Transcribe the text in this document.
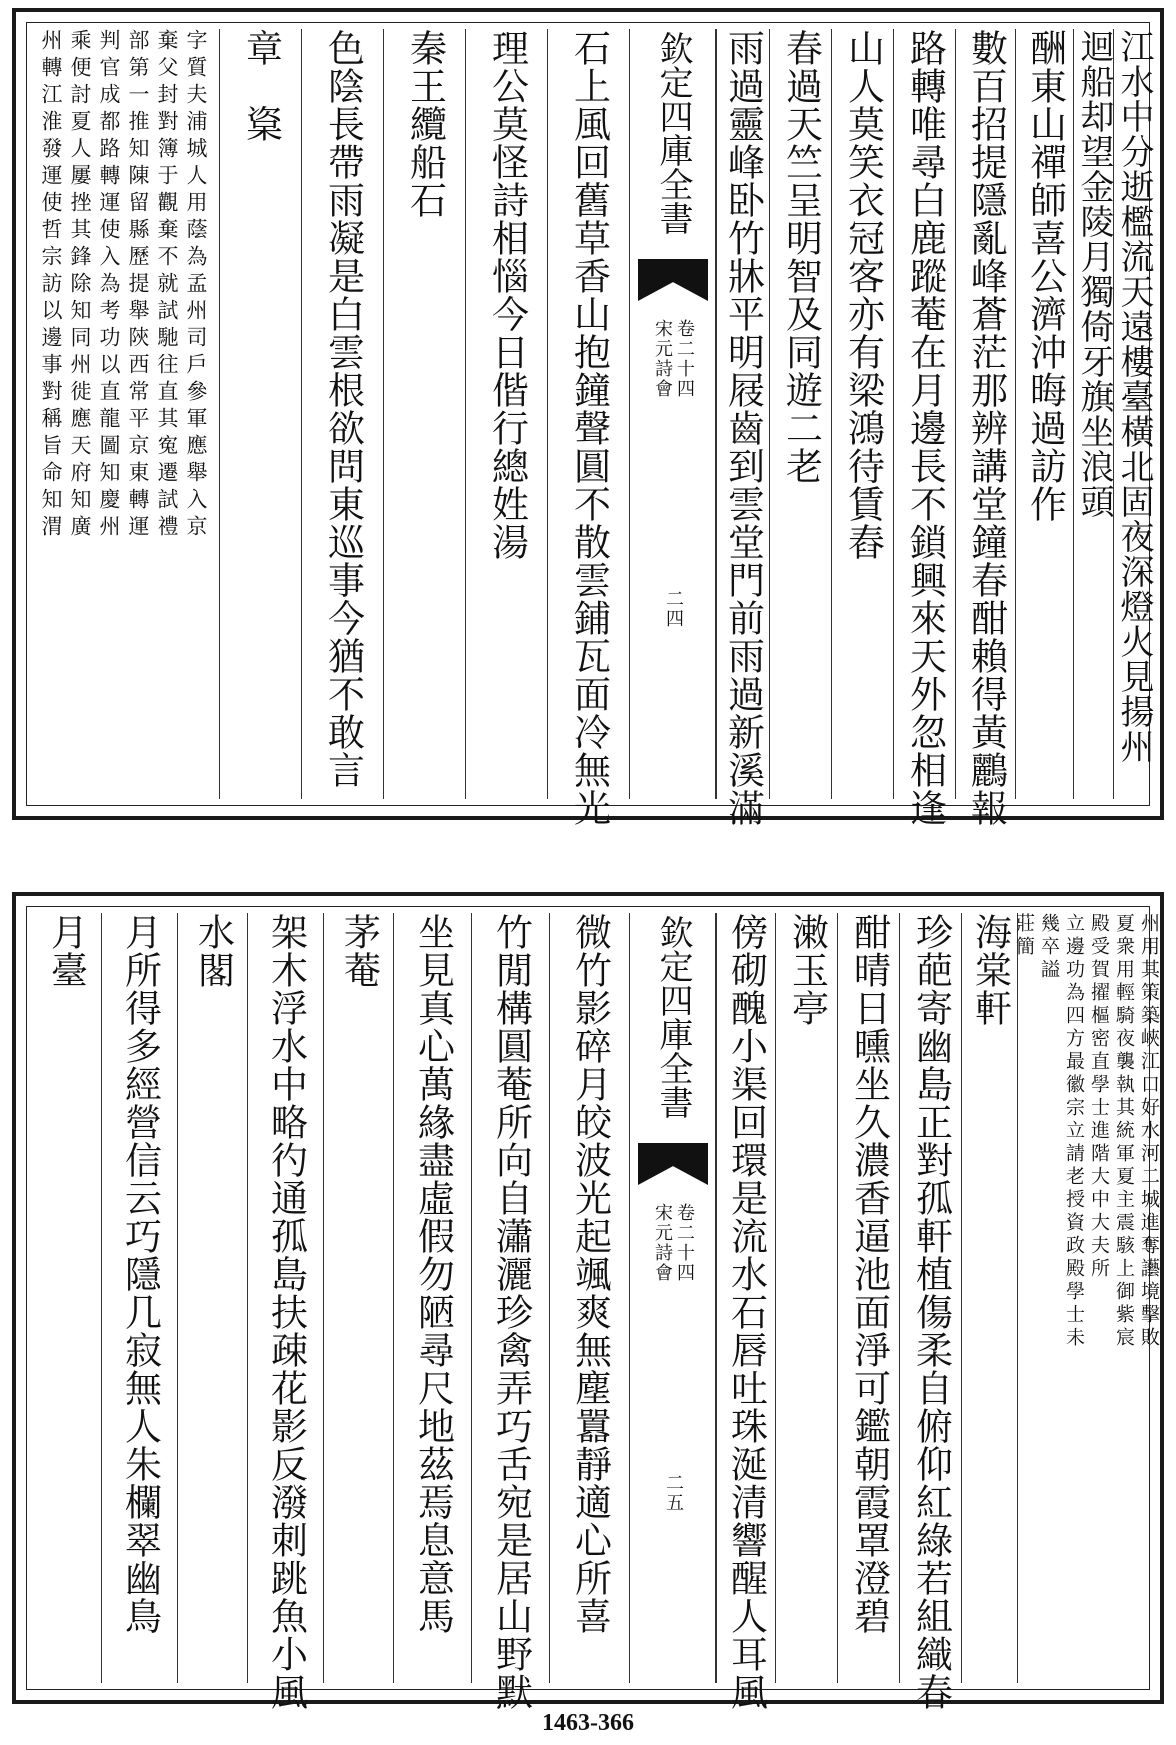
州轉江淮發運使哲宗訪以邊事對稱旨命知渭 乘便討夏人屢挫其鋒除知同州徙應天府知廣 判官成都路轉運使入為考功以直龍圖知慶州 部第一推知陳留縣歷提舉陝西常平京東轉運 棄父封對簿于觀棄不就試馳往直其寃遷試禮 字質夫浦城人用蔭為孟州司戶參軍應舉入京 章　楶 色陰長帶雨凝是白雲根欲問東巡事今猶不敢言 秦王纜船石 理公莫怪詩相惱今日偕行總姓湯 石上風回舊草香山抱鐘聲圓不散雲鋪瓦面冷無光 欽定四庫全書
宋元詩會 卷二十四
二四 雨過靈峰卧竹牀平明屐齒到雲堂門前雨過新溪滿 春過天竺呈明智及同遊二老 山人莫笑衣冠客亦有梁鴻待賃舂 路轉唯尋白鹿蹤菴在月邊長不鎖興來天外忽相逢 數百招提隱亂峰蒼茫那辨講堂鐘春酣賴得黃鸝報 酬東山禪師喜公濟沖晦過訪作 迴船却望金陵月獨倚牙旗坐浪頭 江水中分逝檻流天遠樓臺橫北固夜深燈火見揚州
月臺 月所得多經營信云巧隱几寂無人朱欄翠幽鳥 水閣 架木浮水中略彴通孤島扶疎花影反潑刺跳魚小風 茅菴 坐見真心萬緣盡虛假勿陋尋尺地茲焉息意馬 竹閒構圓菴所向自瀟灑珍禽弄巧舌宛是居山野默 微竹影碎月皎波光起颯爽無塵囂靜適心所喜 欽定四庫全書
宋元詩會 卷二十四
二五 傍砌醜小渠回環是流水石唇吐珠涎清響醒人耳風 潄玉亭 酣晴日曛坐久濃香逼池面淨可鑑朝霞罩澄碧 珍葩寄幽島正對孤軒植傷柔自俯仰紅綠若組織春 海棠軒 莊簡 幾卒謚 立邊功為四方最徽宗立請老授資政殿學士未 殿受賀擢樞密直學士進階大中大夫所 夏衆用輕騎夜襲執其統軍夏主震駭上御紫宸 州用其策築峽江口好水河二城進奪讛境擊敗
1463-366
